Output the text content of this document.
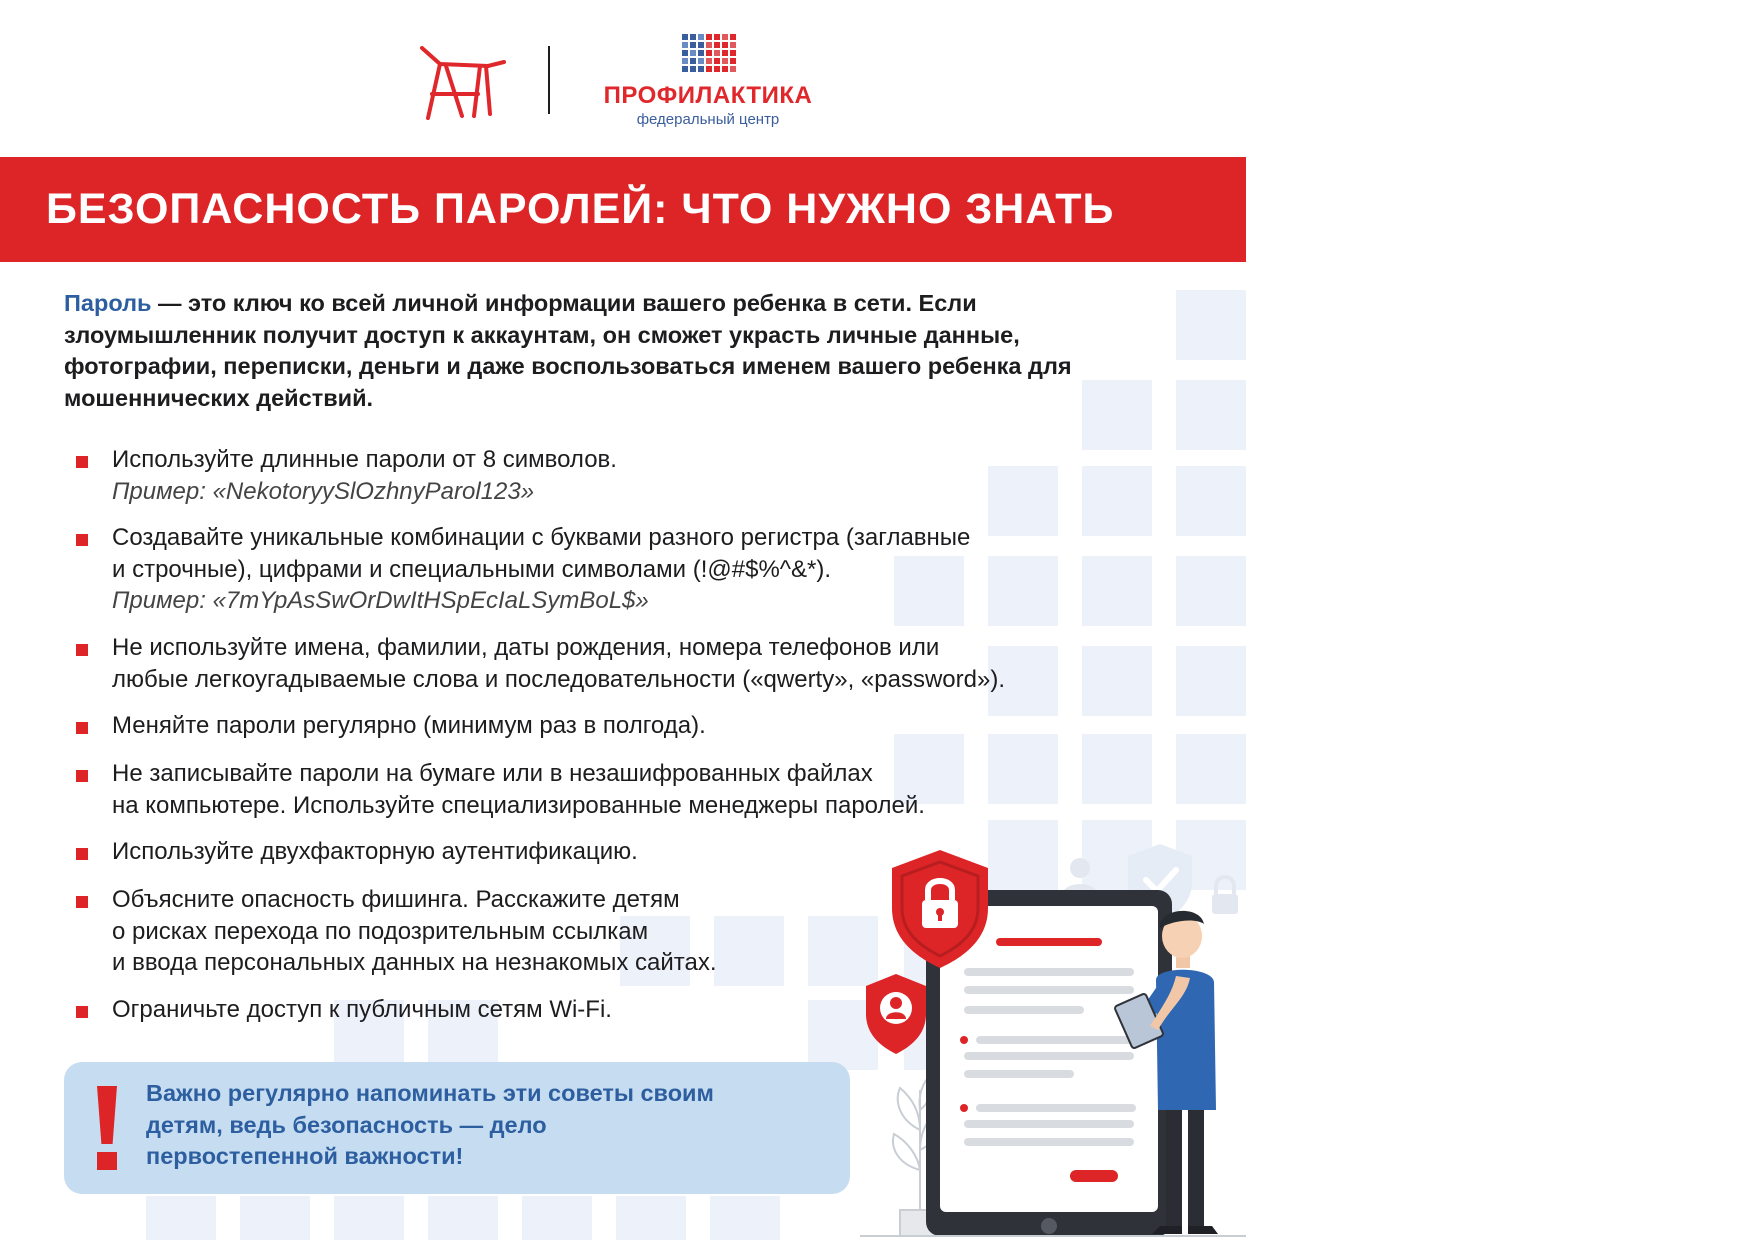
ПРОФИЛАКТИКА
федеральный центр
БЕЗОПАСНОСТЬ ПАРОЛЕЙ: ЧТО НУЖНО ЗНАТЬ

Пароль — это ключ ко всей личной информации вашего ребенка в сети. Если злоумышленник получит доступ к аккаунтам, он сможет украсть личные данные, фотографии, переписки, деньги и даже воспользоваться именем вашего ребенка для мошеннических действий.

Используйте длинные пароли от 8 символов.
Пример: «NekotoryySlOzhnyParol123»
Создавайте уникальные комбинации с буквами разного регистра (заглавные
и строчные), цифрами и специальными символами (!@#$%^&*).
Пример: «7mYpAsSwOrDwItHSpEcIaLSymBoL$»
Не используйте имена, фамилии, даты рождения, номера телефонов или
любые легкоугадываемые слова и последовательности («qwerty», «password»).
Меняйте пароли регулярно (минимум раз в полгода).
Не записывайте пароли на бумаге или в незашифрованных файлах
на компьютере. Используйте специализированные менеджеры паролей.
Используйте двухфакторную аутентификацию.
Объясните опасность фишинга. Расскажите детям
о рисках перехода по подозрительным ссылкам
и ввода персональных данных на незнакомых сайтах.
Ограничьте доступ к публичным сетям Wi-Fi.
Важно регулярно напоминать эти советы своим
детям, ведь безопасность — дело
первостепенной важности!
